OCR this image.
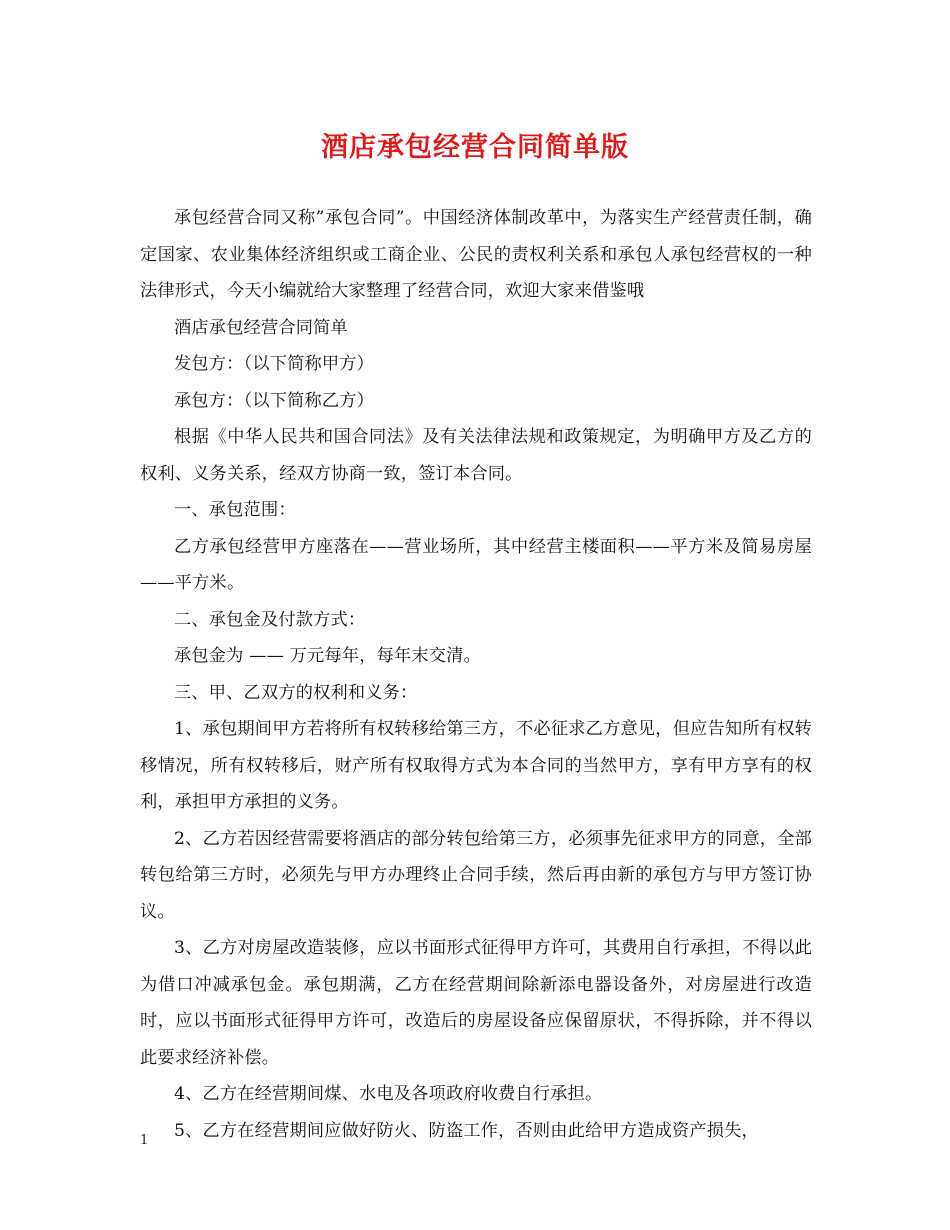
酒店承包经营合同简单版

承包经营合同又称”承包合同”。中国经济体制改革中，为落实生产经营责任制，确定国家、农业集体经济组织或工商企业、公民的责权利关系和承包人承包经营权的一种法律形式，今天小编就给大家整理了经营合同，欢迎大家来借鉴哦

酒店承包经营合同简单

发包方：（以下简称甲方）

承包方：（以下简称乙方）

根据《中华人民共和国合同法》及有关法律法规和政策规定，为明确甲方及乙方的权利、义务关系，经双方协商一致，签订本合同。

一、承包范围：

乙方承包经营甲方座落在——营业场所，其中经营主楼面积——平方米及简易房屋——平方米。

二、承包金及付款方式：

承包金为 —— 万元每年，每年末交清。

三、甲、乙双方的权利和义务：

1、承包期间甲方若将所有权转移给第三方，不必征求乙方意见，但应告知所有权转移情况，所有权转移后，财产所有权取得方式为本合同的当然甲方，享有甲方享有的权利，承担甲方承担的义务。

2、乙方若因经营需要将酒店的部分转包给第三方，必须事先征求甲方的同意，全部转包给第三方时，必须先与甲方办理终止合同手续，然后再由新的承包方与甲方签订协议。

3、乙方对房屋改造装修，应以书面形式征得甲方许可，其费用自行承担，不得以此为借口冲减承包金。承包期满，乙方在经营期间除新添电器设备外，对房屋进行改造时，应以书面形式征得甲方许可，改造后的房屋设备应保留原状，不得拆除，并不得以此要求经济补偿。

4、乙方在经营期间煤、水电及各项政府收费自行承担。

5、乙方在经营期间应做好防火、防盗工作，否则由此给甲方造成资产损失，

1
